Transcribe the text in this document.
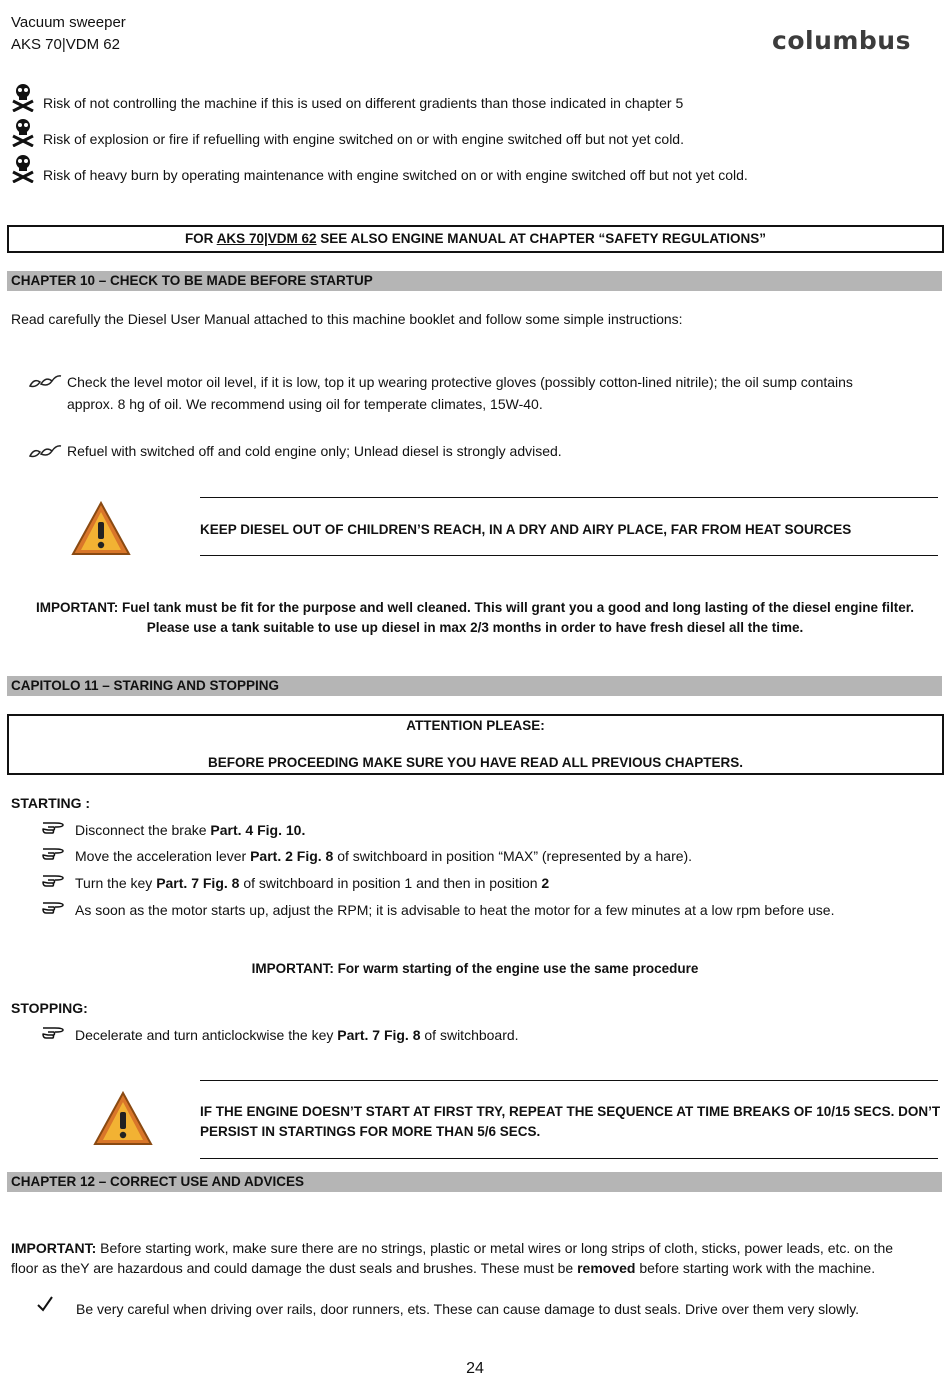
Vacuum sweeper
AKS 70|VDM 62	columbus
Risk of not controlling the machine if this is used on different gradients than those indicated in chapter 5
Risk of explosion or fire if refuelling with engine switched on or with engine switched off but not yet cold.
Risk of heavy burn by operating maintenance with engine switched on or with engine switched off but not yet cold.
FOR AKS 70|VDM 62 SEE ALSO ENGINE MANUAL AT CHAPTER “SAFETY REGULATIONS”
CHAPTER 10 – CHECK TO BE MADE BEFORE STARTUP
Read carefully the Diesel User Manual attached to this machine booklet and follow some simple instructions:
Check the level motor oil level, if it is low, top it up wearing protective gloves (possibly cotton-lined nitrile); the oil sump contains
approx. 8 hg of oil. We recommend using oil for temperate climates, 15W-40.
Refuel with switched off and cold engine only; Unlead diesel is strongly advised.
KEEP DIESEL OUT OF CHILDREN’S REACH, IN A DRY AND AIRY PLACE, FAR FROM HEAT SOURCES
IMPORTANT: Fuel tank must be fit for the purpose and well cleaned. This will grant you a good and long lasting of the diesel engine filter.
Please use a tank suitable to use up diesel in max 2/3 months in order to have fresh diesel all the time.
CAPITOLO 11 – STARING AND STOPPING
ATTENTION PLEASE:
BEFORE PROCEEDING MAKE SURE YOU HAVE READ ALL PREVIOUS CHAPTERS.
STARTING :
Disconnect the brake Part. 4 Fig. 10.
Move the acceleration lever Part. 2 Fig. 8 of switchboard in position “MAX” (represented by a hare).
Turn the key Part. 7 Fig. 8 of switchboard in position 1 and then in position 2
As soon as the motor starts up, adjust the RPM; it is advisable to heat the motor for a few minutes at a low rpm before use.
IMPORTANT: For warm starting of the engine use the same procedure
STOPPING:
Decelerate and turn anticlockwise the key Part. 7 Fig. 8 of switchboard.
IF THE ENGINE DOESN’T START AT FIRST TRY, REPEAT THE SEQUENCE AT TIME BREAKS OF 10/15 SECS. DON’T
PERSIST IN STARTINGS FOR MORE THAN 5/6 SECS.
CHAPTER 12 – CORRECT USE AND ADVICES
IMPORTANT: Before starting work, make sure there are no strings, plastic or metal wires or long strips of cloth, sticks, power leads, etc. on the
floor as theY are hazardous and could damage the dust seals and brushes. These must be removed before starting work with the machine.
Be very careful when driving over rails, door runners, ets. These can cause damage to dust seals. Drive over them very slowly.
24
